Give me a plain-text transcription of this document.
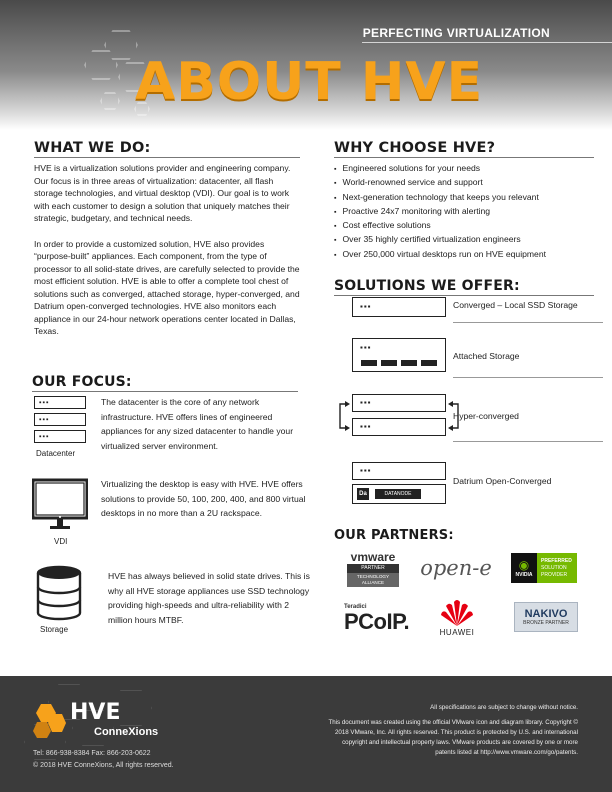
PERFECTING VIRTUALIZATION
ABOUT HVE
WHAT WE DO:

HVE is a virtualization solutions provider and engineering company. Our focus is in three areas of virtualization: datacenter, all flash storage technologies, and virtual desktop (VDI). Our goal is to work with each customer to design a solution that uniquely matches their strategic, budgetary, and technical needs.

In order to provide a customized solution, HVE also provides “purpose-built” appliances. Each component, from the type of processor to all solid-state drives, are carefully selected to provide the most efficient solution. HVE is able to offer a complete tool chest of solutions such as converged, attached storage, hyper-converged, and Datrium open-converged technologies. HVE also monitors each appliance in our 24-hour network operations center located in Dallas, Texas.

WHY CHOOSE HVE?
▪ Engineered solutions for your needs
▪ World-renowned service and support
▪ Next-generation technology that keeps you relevant
▪ Proactive 24x7 monitoring with alerting
▪ Cost effective solutions
▪ Over 35 highly certified virtualization engineers
▪ Over 250,000 virtual desktops run on HVE equipment
SOLUTIONS WE OFFER:
▪▪▪	Converged – Local SSD Storage
▪▪▪
Attached Storage
▪▪▪
▪▪▪
Hyper-converged
▪▪▪
Da	DATANODE
Datrium Open-Converged
OUR FOCUS:
▪▪▪
▪▪▪
▪▪▪
Datacenter

The datacenter is the core of any network infrastructure. HVE offers lines of engineered appliances for any sized datacenter to handle your virtualized server environment.

VDI

Virtualizing the desktop is easy with HVE. HVE offers solutions to provide 50, 100, 200, 400, and 800 virtual desktops in no more than a 2U rackspace.

Storage

HVE has always believed in solid state drives. This is why all HVE storage appliances use SSD technology providing high-speeds and ultra-reliability with 2 million hours MTBF.

OUR PARTNERS:
vmware
PARTNER
TECHNOLOGY
ALLIANCE
open-e ◉
NVIDIA
PREFERRED
SOLUTION
PROVIDER
Teradici
PCoIP.	HUAWEI
NAKIVO
BRONZE PARTNER
HVE
ConneXions
Tel: 866-938-8384 Fax: 866-203-0622
© 2018 HVE ConneXions, All rights reserved.
All specifications are subject to change without notice.
This document was created using the official VMware icon and diagram library. Copyright © 2018 VMware, Inc. All rights reserved. This product is protected by U.S. and international copyright and intellectual property laws. VMware products are covered by one or more patents listed at http://www.vmware.com/go/patents.
